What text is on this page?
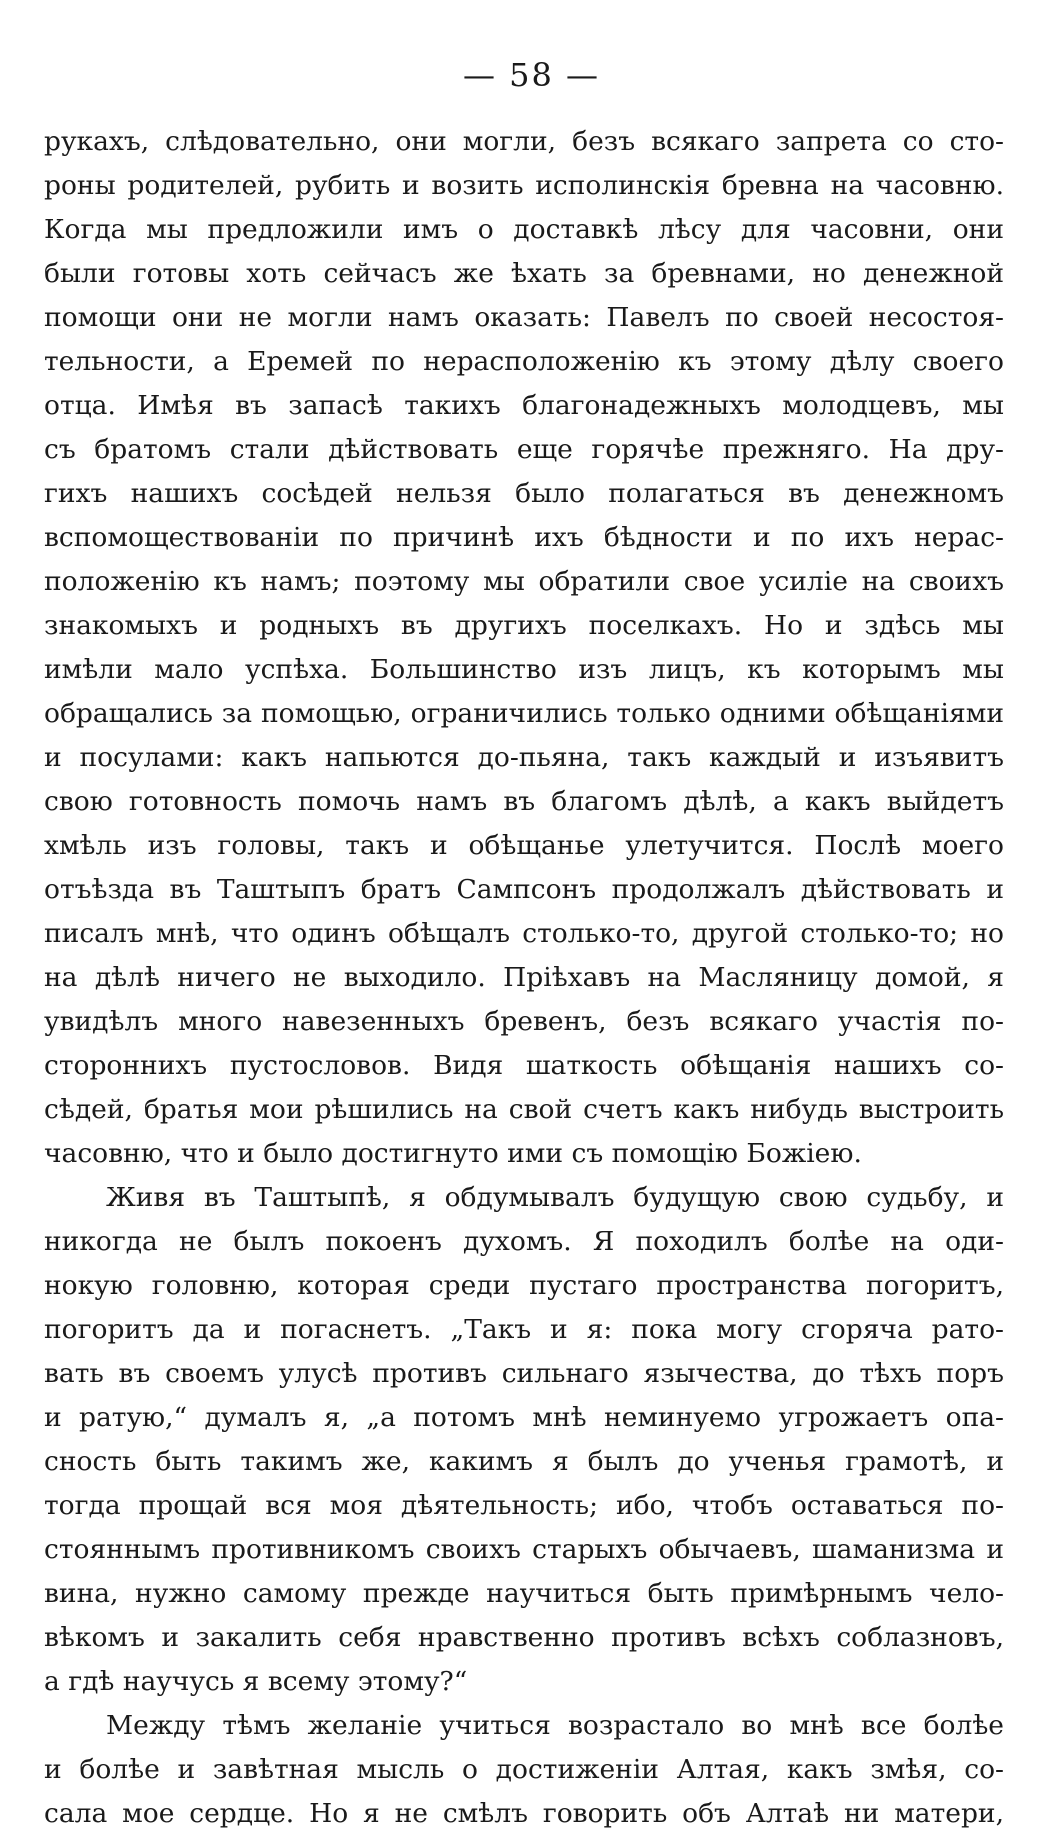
— 58 —
рукахъ, слѣдовательно, они могли, безъ всякаго запрета со сто-
роны родителей, рубить и возить исполинскія бревна на часовню.
Когда мы предложили имъ о доставкѣ лѣсу для часовни, они
были готовы хоть сейчасъ же ѣхать за бревнами, но денежной
помощи они не могли намъ оказать: Павелъ по своей несостоя-
тельности, а Еремей по нерасположенію къ этому дѣлу своего
отца. Имѣя въ запасѣ такихъ благонадежныхъ молодцевъ, мы
съ братомъ стали дѣйствовать еще горячѣе прежняго. На дру-
гихъ нашихъ сосѣдей нельзя было полагаться въ денежномъ
вспомоществованіи по причинѣ ихъ бѣдности и по ихъ нерас-
положенію къ намъ; поэтому мы обратили свое усиліе на своихъ
знакомыхъ и родныхъ въ другихъ поселкахъ. Но и здѣсь мы
имѣли мало успѣха. Большинство изъ лицъ, къ которымъ мы
обращались за помощью, ограничились только одними обѣщаніями
и посулами: какъ напьются до-пьяна, такъ каждый и изъявитъ
свою готовность помочь намъ въ благомъ дѣлѣ, а какъ выйдетъ
хмѣль изъ головы, такъ и обѣщанье улетучится. Послѣ моего
отъѣзда въ Таштыпъ братъ Сампсонъ продолжалъ дѣйствовать и
писалъ мнѣ, что одинъ обѣщалъ столько-то, другой столько-то; но
на дѣлѣ ничего не выходило. Пріѣхавъ на Масляницу домой, я
увидѣлъ много навезенныхъ бревенъ, безъ всякаго участія по-
стороннихъ пустословов. Видя шаткость обѣщанія нашихъ со-
сѣдей, братья мои рѣшились на свой счетъ какъ нибудь выстроить
часовню, что и было достигнуто ими съ помощію Божіею.
Живя въ Таштыпѣ, я обдумывалъ будущую свою судьбу, и
никогда не былъ покоенъ духомъ. Я походилъ болѣе на оди-
нокую головню, которая среди пустаго пространства погоритъ,
погоритъ да и погаснетъ. „Такъ и я: пока могу сгоряча рато-
вать въ своемъ улусѣ противъ сильнаго язычества, до тѣхъ поръ
и ратую,“ думалъ я, „а потомъ мнѣ неминуемо угрожаетъ опа-
сность быть такимъ же, какимъ я былъ до ученья грамотѣ, и
тогда прощай вся моя дѣятельность; ибо, чтобъ оставаться по-
стояннымъ противникомъ своихъ старыхъ обычаевъ, шаманизма и
вина, нужно самому прежде научиться быть примѣрнымъ чело-
вѣкомъ и закалить себя нравственно противъ всѣхъ соблазновъ,
а гдѣ научусь я всему этому?“
Между тѣмъ желаніе учиться возрастало во мнѣ все болѣе
и болѣе и завѣтная мысль о достиженіи Алтая, какъ змѣя, со-
сала мое сердце. Но я не смѣлъ говорить объ Алтаѣ ни матери,
